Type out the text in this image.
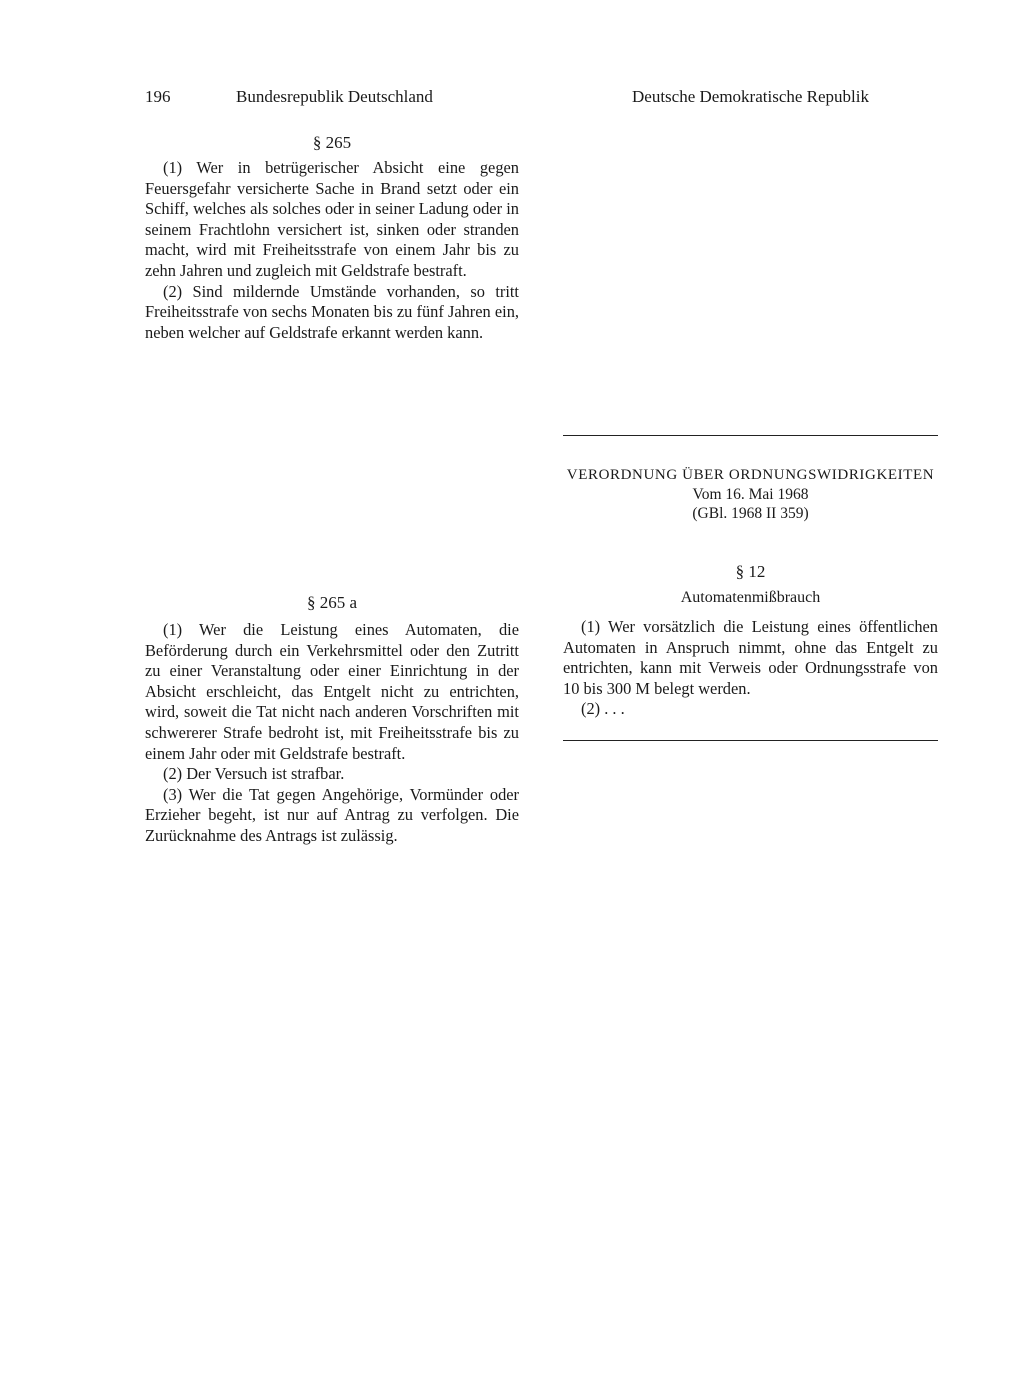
196	Bundesrepublik Deutschland	Deutsche Demokratische Republik
§ 265

(1) Wer in betrügerischer Absicht eine gegen Feuersgefahr versicherte Sache in Brand setzt oder ein Schiff, welches als solches oder in seiner Ladung oder in seinem Frachtlohn versichert ist, sinken oder stranden macht, wird mit Freiheitsstrafe von einem Jahr bis zu zehn Jahren und zugleich mit Geldstrafe bestraft.

(2) Sind mildernde Umstände vorhanden, so tritt Freiheitsstrafe von sechs Monaten bis zu fünf Jahren ein, neben welcher auf Geldstrafe erkannt werden kann.

§ 265 a

(1) Wer die Leistung eines Automaten, die Beförderung durch ein Verkehrsmittel oder den Zutritt zu einer Veranstaltung oder einer Einrichtung in der Absicht erschleicht, das Entgelt nicht zu entrichten, wird, soweit die Tat nicht nach anderen Vorschriften mit schwererer Strafe bedroht ist, mit Freiheitsstrafe bis zu einem Jahr oder mit Geldstrafe bestraft.

(2) Der Versuch ist strafbar.

(3) Wer die Tat gegen Angehörige, Vormünder oder Erzieher begeht, ist nur auf Antrag zu verfolgen. Die Zurücknahme des Antrags ist zulässig.

VERORDNUNG ÜBER ORDNUNGSWIDRIGKEITEN
Vom 16. Mai 1968
(GBl. 1968 II 359)
§ 12
Automatenmißbrauch

(1) Wer vorsätzlich die Leistung eines öffentlichen Automaten in Anspruch nimmt, ohne das Entgelt zu entrichten, kann mit Verweis oder Ordnungsstrafe von 10 bis 300 M belegt werden.

(2) . . .
